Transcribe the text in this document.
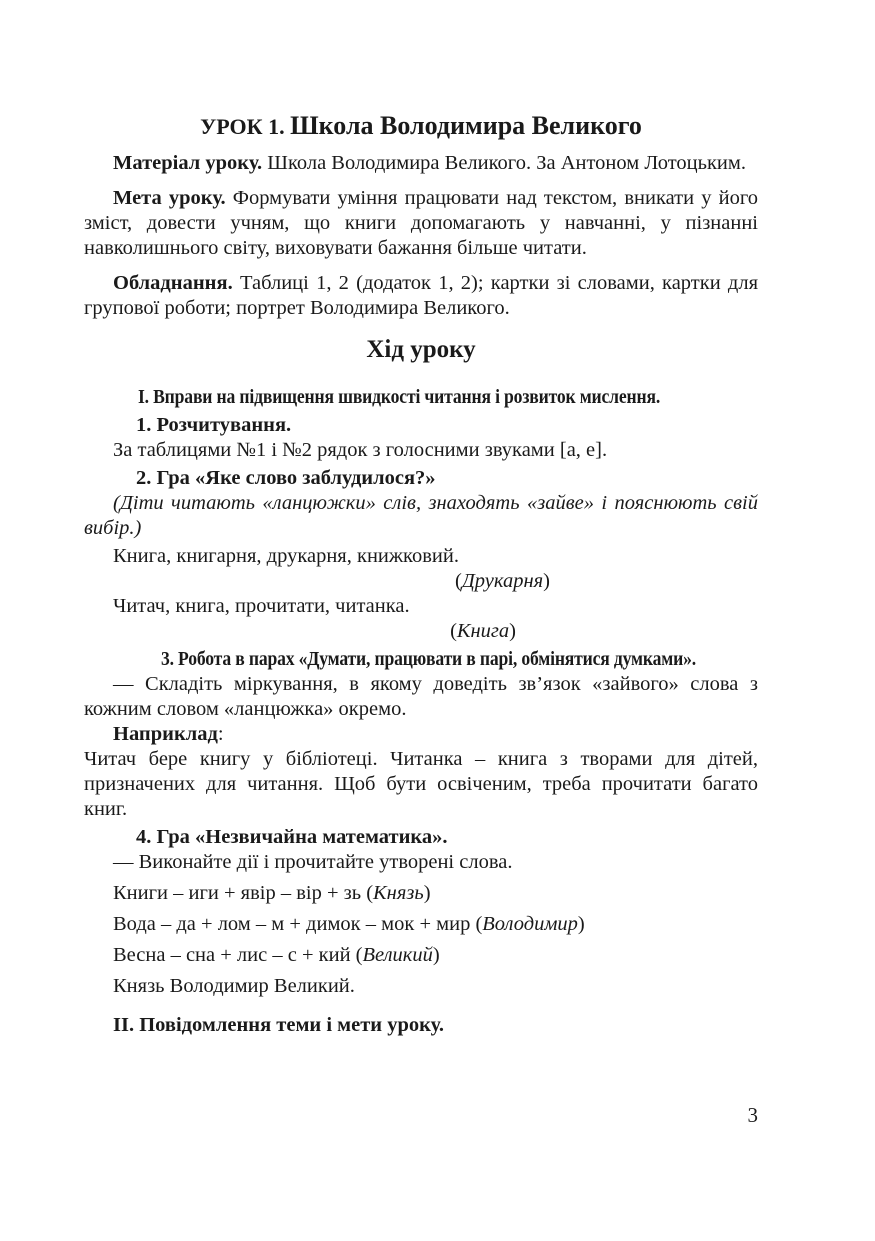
УРОК 1. Школа Володимира Великого

Матеріал уроку. Школа Володимира Великого. За Антоном Лотоцьким.

Мета уроку. Формувати уміння працювати над текстом, вникати у його зміст, довести учням, що книги допомагають у навчанні, у пізнанні навколишнього світу, виховувати бажання більше читати.

Обладнання. Таблиці 1, 2 (додаток 1, 2); картки зі словами, картки для групової роботи; портрет Володимира Великого.

Хід уроку

І. Вправи на підвищення швидкості читання і розвиток мислення.

1. Розчитування.

За таблицями №1 і №2 рядок з голосними звуками [а, е].

2. Гра «Яке слово заблудилося?»

(Діти читають «ланцюжки» слів, знаходять «зайве» і пояснюють свій вибір.)

Книга, книгарня, друкарня, книжковий.

(Друкарня)

Читач, книга, прочитати, читанка.

(Книга)

3. Робота в парах «Думати, працювати в парі, обмінятися думками».

— Складіть міркування, в якому доведіть зв’язок «зайвого» слова з кожним словом «ланцюжка» окремо.

Наприклад:

Читач бере книгу у бібліотеці. Читанка – книга з творами для дітей, призначених для читання. Щоб бути освіченим, треба прочитати багато книг.

4. Гра «Незвичайна математика».

— Виконайте дії і прочитайте утворені слова.

Книги – иги + явір – вір + зь (Князь)

Вода – да + лом – м + димок – мок + мир (Володимир)

Весна – сна + лис – с + кий (Великий)

Князь Володимир Великий.

ІІ. Повідомлення теми і мети уроку.

3
